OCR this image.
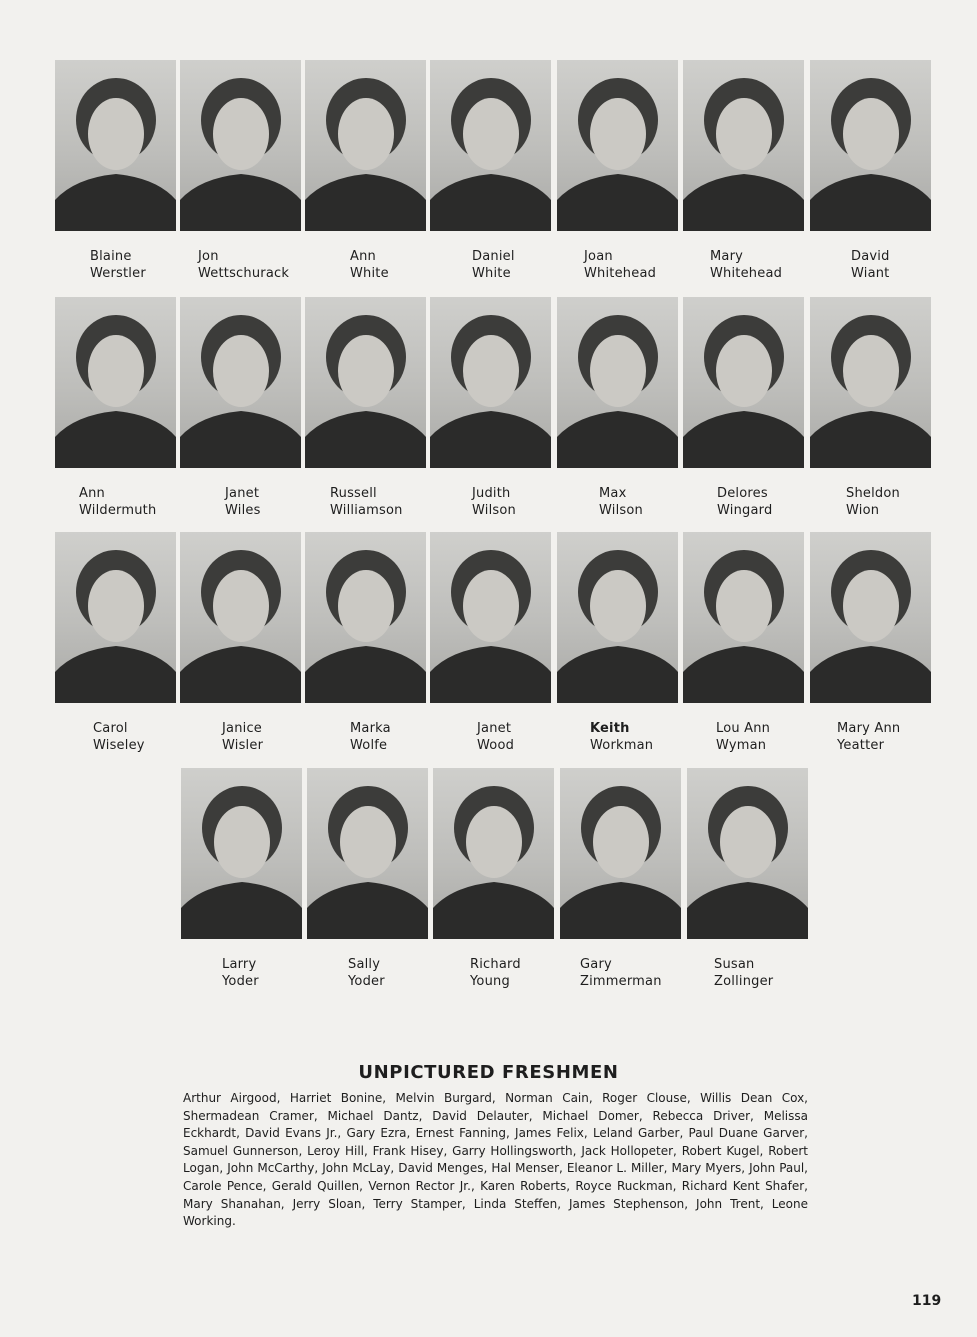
Blaine
Werstler
Jon
Wettschurack
Ann
White
Daniel
White
Joan
Whitehead
Mary
Whitehead
David
Wiant
Ann
Wildermuth
Janet
Wiles
Russell
Williamson
Judith
Wilson
Max
Wilson
Delores
Wingard
Sheldon
Wion
Carol
Wiseley
Janice
Wisler
Marka
Wolfe
Janet
Wood
Keith
Workman
Lou Ann
Wyman
Mary Ann
Yeatter
Larry
Yoder
Sally
Yoder
Richard
Young
Gary
Zimmerman
Susan
Zollinger
UNPICTURED FRESHMEN
Arthur Airgood, Harriet Bonine, Melvin Burgard, Norman Cain, Roger Clouse, Willis Dean Cox, Shermadean Cramer, Michael Dantz, David Delauter, Michael Domer, Rebecca Driver, Melissa Eckhardt, David Evans Jr., Gary Ezra, Ernest Fanning, James Felix, Leland Garber, Paul Duane Garver, Samuel Gunnerson, Leroy Hill, Frank Hisey, Garry Hollingsworth, Jack Hollopeter, Robert Kugel, Robert Logan, John McCarthy, John McLay, David Menges, Hal Menser, Eleanor L. Miller, Mary Myers, John Paul, Carole Pence, Gerald Quillen, Vernon Rector Jr., Karen Roberts, Royce Ruckman, Richard Kent Shafer, Mary Shanahan, Jerry Sloan, Terry Stamper, Linda Steffen, James Stephenson, John Trent, Leone Working.
119
